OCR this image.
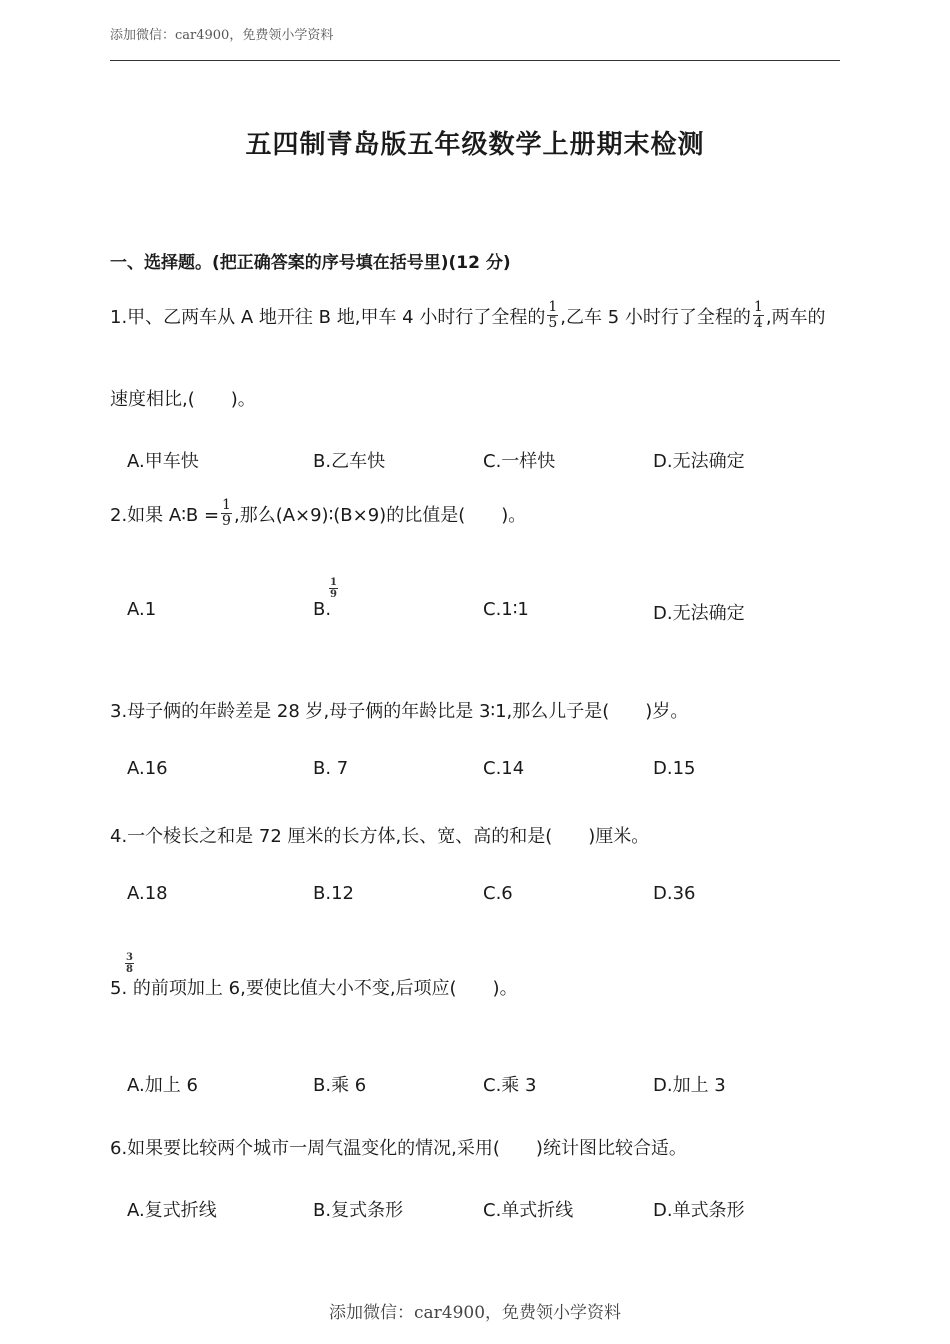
添加微信：car4900，免费领小学资料
五四制青岛版五年级数学上册期末检测
一、选择题。(把正确答案的序号填在括号里)(12 分)
1.甲、乙两车从 A 地开往 B 地,甲车 4 小时行了全程的 $\frac{1}{5}$ ,乙车 5 小时行了全程的 $\frac{1}{4}$ ,两车的
速度相比,(　　)。
A.甲车快	B.乙车快	C.一样快	D.无法确定
2.如果 A∶B = $\frac{1}{9}$ ,那么(A×9)∶(B×9)的比值是(　　)。
A.1	B.
$\frac{1}{9}$
C.1∶1	D.无法确定
3.母子俩的年龄差是 28 岁,母子俩的年龄比是 3∶1,那么儿子是(　　)岁。
A.16	B. 7	C.14	D.15
4.一个棱长之和是 72 厘米的长方体,长、宽、高的和是(　　)厘米。
A.18	B.12	C.6	D.36
5.
$\frac{3}{8}$
的前项加上 6,要使比值大小不变,后项应(　　)。
A.加上 6	B.乘 6	C.乘 3	D.加上 3
6.如果要比较两个城市一周气温变化的情况,采用(　　)统计图比较合适。
A.复式折线	B.复式条形	C.单式折线	D.单式条形
添加微信：car4900，免费领小学资料
